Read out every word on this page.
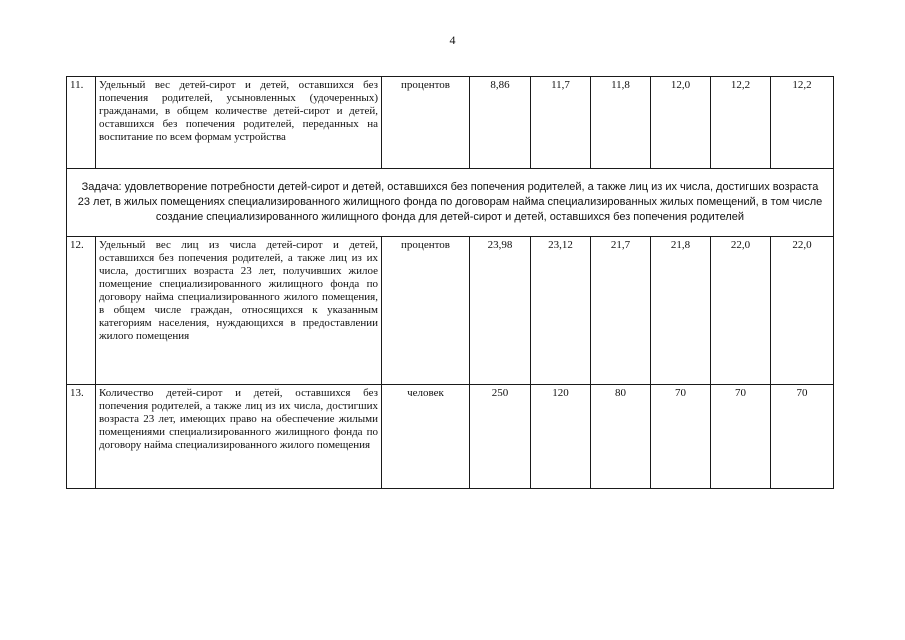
4
11.	Удельный вес детей-сирот и детей, оставшихся без попечения родителей, усыновленных (удочеренных) гражданами, в общем количестве детей-сирот и детей, оставшихся без попечения родителей, переданных на воспитание по всем формам устройства	процентов	8,86	11,7	11,8	12,0	12,2	12,2
Задача: удовлетворение потребности детей-сирот и детей, оставшихся без попечения родителей, а также лиц из их числа, достигших возраста 23 лет, в жилых помещениях специализированного жилищного фонда по договорам найма специализированных жилых помещений, в том числе создание специализированного жилищного фонда для детей-сирот и детей, оставшихся без попечения родителей								
12.	Удельный вес лиц из числа детей-сирот и детей, оставшихся без попечения родителей, а также лиц из их числа, достигших возраста 23 лет, получивших жилое помещение специализированного жилищного фонда по договору найма специализированного жилого помещения, в общем числе граждан, относящихся к указанным категориям населения, нуждающихся в предоставлении жилого помещения	процентов	23,98	23,12	21,7	21,8	22,0	22,0
13.	Количество детей-сирот и детей, оставшихся без попечения родителей, а также лиц из их числа, достигших возраста 23 лет, имеющих право на обеспечение жилыми помещениями специализированного жилищного фонда по договору найма специализированного жилого помещения	человек	250	120	80	70	70	70
